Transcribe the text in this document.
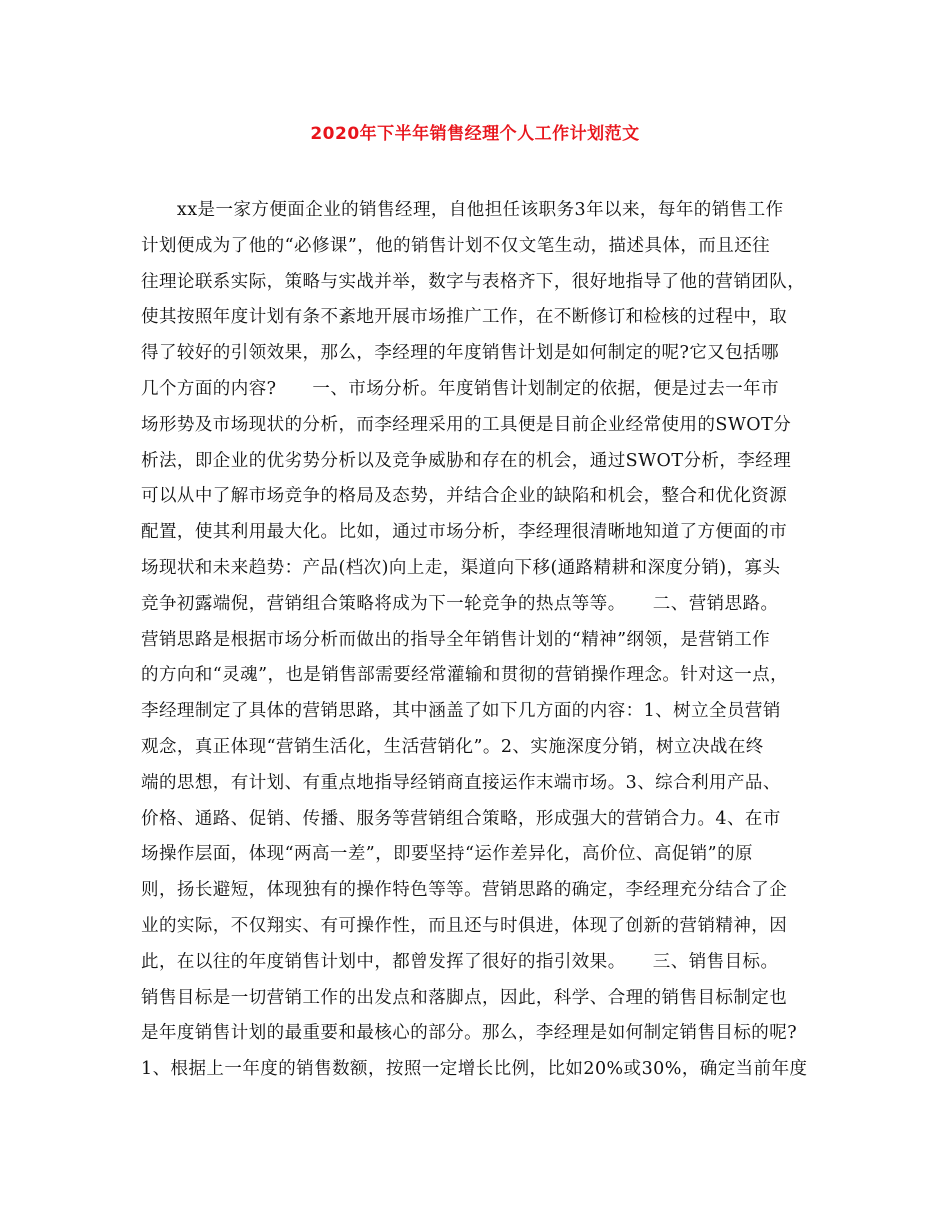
2020年下半年销售经理个人工作计划范文
　　xx是一家方便面企业的销售经理，自他担任该职务3年以来，每年的销售工作
计划便成为了他的“必修课”，他的销售计划不仅文笔生动，描述具体，而且还往
往理论联系实际，策略与实战并举，数字与表格齐下，很好地指导了他的营销团队，
使其按照年度计划有条不紊地开展市场推广工作，在不断修订和检核的过程中，取
得了较好的引领效果，那么，李经理的年度销售计划是如何制定的呢?它又包括哪
几个方面的内容?　　一、市场分析。年度销售计划制定的依据，便是过去一年市
场形势及市场现状的分析，而李经理采用的工具便是目前企业经常使用的SWOT分
析法，即企业的优劣势分析以及竞争威胁和存在的机会，通过SWOT分析，李经理
可以从中了解市场竞争的格局及态势，并结合企业的缺陷和机会，整合和优化资源
配置，使其利用最大化。比如，通过市场分析，李经理很清晰地知道了方便面的市
场现状和未来趋势：产品(档次)向上走，渠道向下移(通路精耕和深度分销)，寡头
竞争初露端倪，营销组合策略将成为下一轮竞争的热点等等。　　二、营销思路。
营销思路是根据市场分析而做出的指导全年销售计划的“精神”纲领，是营销工作
的方向和“灵魂”，也是销售部需要经常灌输和贯彻的营销操作理念。针对这一点，
李经理制定了具体的营销思路，其中涵盖了如下几方面的内容：1、树立全员营销
观念，真正体现“营销生活化，生活营销化”。2、实施深度分销，树立决战在终
端的思想，有计划、有重点地指导经销商直接运作末端市场。3、综合利用产品、
价格、通路、促销、传播、服务等营销组合策略，形成强大的营销合力。4、在市
场操作层面，体现“两高一差”，即要坚持“运作差异化，高价位、高促销”的原
则，扬长避短，体现独有的操作特色等等。营销思路的确定，李经理充分结合了企
业的实际，不仅翔实、有可操作性，而且还与时俱进，体现了创新的营销精神，因
此，在以往的年度销售计划中，都曾发挥了很好的指引效果。　　三、销售目标。
销售目标是一切营销工作的出发点和落脚点，因此，科学、合理的销售目标制定也
是年度销售计划的最重要和最核心的部分。那么，李经理是如何制定销售目标的呢?
1、根据上一年度的销售数额，按照一定增长比例，比如20%或30%，确定当前年度
